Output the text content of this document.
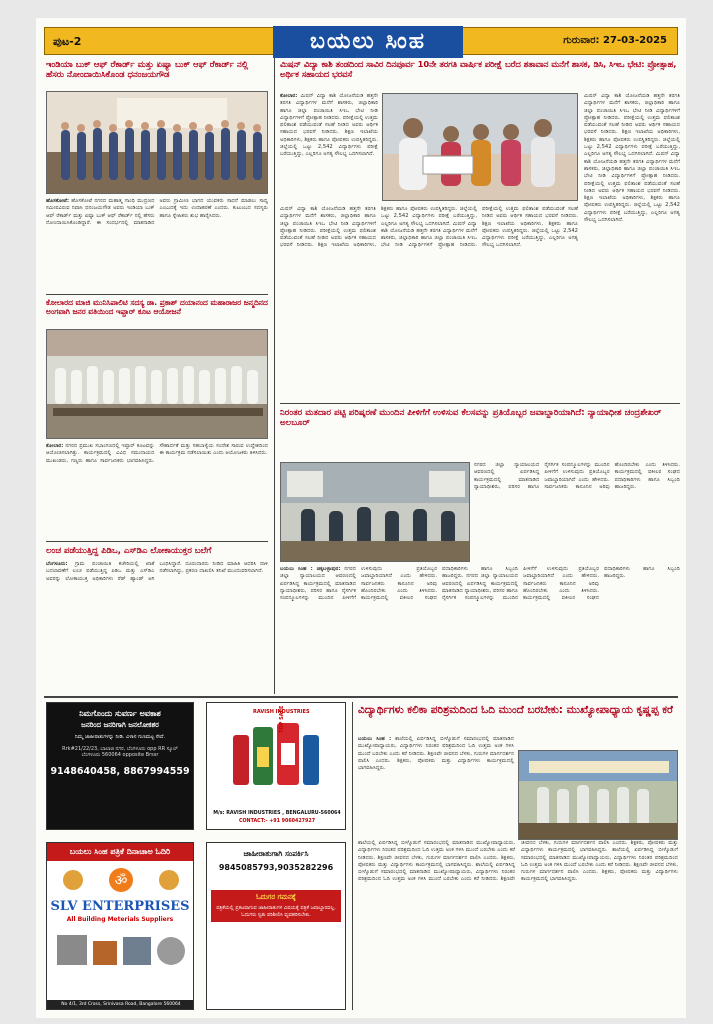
ಪುಟ-2	ಬಯಲು ಸಿಂಹ	ಗುರುವಾರ: 27-03-2025
ಇಂಡಿಯಾ ಬುಕ್ ಆಫ್ ರೆಕಾರ್ಡ್ ಮತ್ತು ಏಷ್ಯಾ ಬುಕ್ ಆಫ್ ರೆಕಾರ್ಡ್ ನಲ್ಲಿ ಹೆಸರು ನೋಂದಾಯಿಸಿಕೊಂಡ ಧನಂಜಯಗೌಡ
ಹೊಸಕೋಟೆ: ಹೊಸಕೋಟೆ ನಗರದ ಮಹಾತ್ಮ ಗಾಂಧಿ ಮುದ್ರಣದ ಸಮೀಪವಿರುವ ನಿವಾಸಿ ಧನಂಜಯಗೌಡ ಅವರು ಇಂಡಿಯಾ ಬುಕ್ ಆಫ್ ರೆಕಾರ್ಡ್ ಮತ್ತು ಏಷ್ಯಾ ಬುಕ್ ಆಫ್ ರೆಕಾರ್ಡ್ ನಲ್ಲಿ ಹೆಸರು ನೋಂದಾಯಿಸಿಕೊಂಡಿದ್ದಾರೆ. ಈ ಸಂದರ್ಭದಲ್ಲಿ ಮಾತನಾಡಿದ ಅವರು ಗ್ರಾಮೀಣ ಭಾಗದ ಯುವಕರು ಸಾಧನೆ ಮಾಡಲು ಸಾಧ್ಯ ಎಂಬುದಕ್ಕೆ ಇದು ಉದಾಹರಣೆ ಎಂದರು. ಕುಟುಂಬದ ಸದಸ್ಯರು ಹಾಗೂ ಸ್ನೇಹಿತರು ಶುಭ ಹಾರೈಸಿದರು.
ಕೋಲಾರದ ಮಾಜಿ ಮುನಿಸಿಪಾಲಿಟಿ ಸದಸ್ಯ ಡಾ. ಪ್ರಕಾಶ್ ದಯಾನಂದ ಮಹಾರಾಜರ ಜನ್ಮದಿನದ ಅಂಗವಾಗಿ ಜನರ ವತಿಯಿಂದ ಇಫ್ತಾರ್ ಕೂಟ ಆಯೋಜನೆ
ಕೋಲಾರ: ನಗರದ ಪ್ರಮುಖ ಸಭಾಂಗಣದಲ್ಲಿ ಇಫ್ತಾರ್ ಕೂಟವನ್ನು ಆಯೋಜಿಸಲಾಗಿತ್ತು. ಕಾರ್ಯಕ್ರಮದಲ್ಲಿ ವಿವಿಧ ಸಮುದಾಯದ ಮುಖಂಡರು, ಗಣ್ಯರು ಹಾಗೂ ಸಾರ್ವಜನಿಕರು ಭಾಗವಹಿಸಿದ್ದರು. ಸೌಹಾರ್ದತೆ ಮತ್ತು ಸಹಬಾಳ್ವೆಯ ಸಂದೇಶ ಸಾರುವ ಉದ್ದೇಶದಿಂದ ಈ ಕಾರ್ಯಕ್ರಮ ನಡೆಸಲಾಯಿತು ಎಂದು ಆಯೋಜಕರು ತಿಳಿಸಿದರು.
ಲಂಚ ಪಡೆಯುತ್ತಿದ್ದ ಪಿಡಿಒ, ಎಸ್‌ಡಿಎ ಲೋಕಾಯುಕ್ತರ ಬಲೆಗೆ
ಬೆಂಗಳೂರು: ಗ್ರಾಮ ಪಂಚಾಯಿತಿ ಕಚೇರಿಯಲ್ಲಿ ಖಾತೆ ಬದಲಾವಣೆಗೆ ಲಂಚ ಪಡೆಯುತ್ತಿದ್ದ ಪಿಡಿಒ ಮತ್ತು ಎಸ್‌ಡಿಎ ಅವರನ್ನು ಲೋಕಾಯುಕ್ತ ಅಧಿಕಾರಿಗಳು ರೆಡ್ ಹ್ಯಾಂಡ್ ಆಗಿ ಬಂಧಿಸಿದ್ದಾರೆ. ದೂರುದಾರರು ನೀಡಿದ ಮಾಹಿತಿ ಆಧರಿಸಿ ದಾಳಿ ನಡೆಸಲಾಗಿದ್ದು, ಪ್ರಕರಣ ದಾಖಲಿಸಿ ತನಿಖೆ ಮುಂದುವರಿಸಲಾಗಿದೆ.
ಮಿಷನ್ ವಿದ್ಯಾ ಕಾಶಿ ತಂಡದಿಂದ ಸಾವಿರ ದಿನಪೂರ್ವ 10ನೇ ತರಗತಿ ವಾರ್ಷಿಕ ಪರೀಕ್ಷೆ ಬರೆದ ಶತಾವಾನ ಮನೆಗೆ ಶಾಸಕ, ಡಿಸಿ, ಸಿಇಒ ಭೇಟಿ: ಪ್ರೋತ್ಸಾಹ, ಅರ್ಥಿಕ ಸಹಾಯದ ಭರವಸೆ
ಕೋಲಾರ: ಮಿಷನ್ ವಿದ್ಯಾ ಕಾಶಿ ಯೋಜನೆಯಡಿ ಹತ್ತನೇ ತರಗತಿ ವಿದ್ಯಾರ್ಥಿಗಳ ಮನೆಗೆ ಶಾಸಕರು, ಜಿಲ್ಲಾಧಿಕಾರಿ ಹಾಗೂ ಜಿಲ್ಲಾ ಪಂಚಾಯಿತಿ ಸಿಇಒ ಭೇಟಿ ನೀಡಿ ವಿದ್ಯಾರ್ಥಿಗಳಿಗೆ ಪ್ರೋತ್ಸಾಹ ನೀಡಿದರು. ಪರೀಕ್ಷೆಯಲ್ಲಿ ಉತ್ತಮ ಫಲಿತಾಂಶ ಪಡೆಯುವಂತೆ ಸಲಹೆ ನೀಡಿದ ಅವರು ಆರ್ಥಿಕ ಸಹಾಯದ ಭರವಸೆ ನೀಡಿದರು. ಶಿಕ್ಷಣ ಇಲಾಖೆಯ ಅಧಿಕಾರಿಗಳು, ಶಿಕ್ಷಕರು ಹಾಗೂ ಪೋಷಕರು ಉಪಸ್ಥಿತರಿದ್ದರು. ಜಿಲ್ಲೆಯಲ್ಲಿ ಒಟ್ಟು 2,542 ವಿದ್ಯಾರ್ಥಿಗಳು ಪರೀಕ್ಷೆ ಬರೆಯುತ್ತಿದ್ದು, ಎಲ್ಲರಿಗೂ ಅಗತ್ಯ ಸೌಲಭ್ಯ ಒದಗಿಸಲಾಗಿದೆ.
ಮಿಷನ್ ವಿದ್ಯಾ ಕಾಶಿ ಯೋಜನೆಯಡಿ ಹತ್ತನೇ ತರಗತಿ ವಿದ್ಯಾರ್ಥಿಗಳ ಮನೆಗೆ ಶಾಸಕರು, ಜಿಲ್ಲಾಧಿಕಾರಿ ಹಾಗೂ ಜಿಲ್ಲಾ ಪಂಚಾಯಿತಿ ಸಿಇಒ ಭೇಟಿ ನೀಡಿ ವಿದ್ಯಾರ್ಥಿಗಳಿಗೆ ಪ್ರೋತ್ಸಾಹ ನೀಡಿದರು. ಪರೀಕ್ಷೆಯಲ್ಲಿ ಉತ್ತಮ ಫಲಿತಾಂಶ ಪಡೆಯುವಂತೆ ಸಲಹೆ ನೀಡಿದ ಅವರು ಆರ್ಥಿಕ ಸಹಾಯದ ಭರವಸೆ ನೀಡಿದರು. ಶಿಕ್ಷಣ ಇಲಾಖೆಯ ಅಧಿಕಾರಿಗಳು, ಶಿಕ್ಷಕರು ಹಾಗೂ ಪೋಷಕರು ಉಪಸ್ಥಿತರಿದ್ದರು. ಜಿಲ್ಲೆಯಲ್ಲಿ ಒಟ್ಟು 2,542 ವಿದ್ಯಾರ್ಥಿಗಳು ಪರೀಕ್ಷೆ ಬರೆಯುತ್ತಿದ್ದು, ಎಲ್ಲರಿಗೂ ಅಗತ್ಯ ಸೌಲಭ್ಯ ಒದಗಿಸಲಾಗಿದೆ. ಮಿಷನ್ ವಿದ್ಯಾ ಕಾಶಿ ಯೋಜನೆಯಡಿ ಹತ್ತನೇ ತರಗತಿ ವಿದ್ಯಾರ್ಥಿಗಳ ಮನೆಗೆ ಶಾಸಕರು, ಜಿಲ್ಲಾಧಿಕಾರಿ ಹಾಗೂ ಜಿಲ್ಲಾ ಪಂಚಾಯಿತಿ ಸಿಇಒ ಭೇಟಿ ನೀಡಿ ವಿದ್ಯಾರ್ಥಿಗಳಿಗೆ ಪ್ರೋತ್ಸಾಹ ನೀಡಿದರು. ಪರೀಕ್ಷೆಯಲ್ಲಿ ಉತ್ತಮ ಫಲಿತಾಂಶ ಪಡೆಯುವಂತೆ ಸಲಹೆ ನೀಡಿದ ಅವರು ಆರ್ಥಿಕ ಸಹಾಯದ ಭರವಸೆ ನೀಡಿದರು. ಶಿಕ್ಷಣ ಇಲಾಖೆಯ ಅಧಿಕಾರಿಗಳು, ಶಿಕ್ಷಕರು ಹಾಗೂ ಪೋಷಕರು ಉಪಸ್ಥಿತರಿದ್ದರು. ಜಿಲ್ಲೆಯಲ್ಲಿ ಒಟ್ಟು 2,542 ವಿದ್ಯಾರ್ಥಿಗಳು ಪರೀಕ್ಷೆ ಬರೆಯುತ್ತಿದ್ದು, ಎಲ್ಲರಿಗೂ ಅಗತ್ಯ ಸೌಲಭ್ಯ ಒದಗಿಸಲಾಗಿದೆ.
ಮಿಷನ್ ವಿದ್ಯಾ ಕಾಶಿ ಯೋಜನೆಯಡಿ ಹತ್ತನೇ ತರಗತಿ ವಿದ್ಯಾರ್ಥಿಗಳ ಮನೆಗೆ ಶಾಸಕರು, ಜಿಲ್ಲಾಧಿಕಾರಿ ಹಾಗೂ ಜಿಲ್ಲಾ ಪಂಚಾಯಿತಿ ಸಿಇಒ ಭೇಟಿ ನೀಡಿ ವಿದ್ಯಾರ್ಥಿಗಳಿಗೆ ಪ್ರೋತ್ಸಾಹ ನೀಡಿದರು. ಪರೀಕ್ಷೆಯಲ್ಲಿ ಉತ್ತಮ ಫಲಿತಾಂಶ ಪಡೆಯುವಂತೆ ಸಲಹೆ ನೀಡಿದ ಅವರು ಆರ್ಥಿಕ ಸಹಾಯದ ಭರವಸೆ ನೀಡಿದರು. ಶಿಕ್ಷಣ ಇಲಾಖೆಯ ಅಧಿಕಾರಿಗಳು, ಶಿಕ್ಷಕರು ಹಾಗೂ ಪೋಷಕರು ಉಪಸ್ಥಿತರಿದ್ದರು. ಜಿಲ್ಲೆಯಲ್ಲಿ ಒಟ್ಟು 2,542 ವಿದ್ಯಾರ್ಥಿಗಳು ಪರೀಕ್ಷೆ ಬರೆಯುತ್ತಿದ್ದು, ಎಲ್ಲರಿಗೂ ಅಗತ್ಯ ಸೌಲಭ್ಯ ಒದಗಿಸಲಾಗಿದೆ. ಮಿಷನ್ ವಿದ್ಯಾ ಕಾಶಿ ಯೋಜನೆಯಡಿ ಹತ್ತನೇ ತರಗತಿ ವಿದ್ಯಾರ್ಥಿಗಳ ಮನೆಗೆ ಶಾಸಕರು, ಜಿಲ್ಲಾಧಿಕಾರಿ ಹಾಗೂ ಜಿಲ್ಲಾ ಪಂಚಾಯಿತಿ ಸಿಇಒ ಭೇಟಿ ನೀಡಿ ವಿದ್ಯಾರ್ಥಿಗಳಿಗೆ ಪ್ರೋತ್ಸಾಹ ನೀಡಿದರು. ಪರೀಕ್ಷೆಯಲ್ಲಿ ಉತ್ತಮ ಫಲಿತಾಂಶ ಪಡೆಯುವಂತೆ ಸಲಹೆ ನೀಡಿದ ಅವರು ಆರ್ಥಿಕ ಸಹಾಯದ ಭರವಸೆ ನೀಡಿದರು. ಶಿಕ್ಷಣ ಇಲಾಖೆಯ ಅಧಿಕಾರಿಗಳು, ಶಿಕ್ಷಕರು ಹಾಗೂ ಪೋಷಕರು ಉಪಸ್ಥಿತರಿದ್ದರು. ಜಿಲ್ಲೆಯಲ್ಲಿ ಒಟ್ಟು 2,542 ವಿದ್ಯಾರ್ಥಿಗಳು ಪರೀಕ್ಷೆ ಬರೆಯುತ್ತಿದ್ದು, ಎಲ್ಲರಿಗೂ ಅಗತ್ಯ ಸೌಲಭ್ಯ ಒದಗಿಸಲಾಗಿದೆ.
ನಿರಂತರ ಮತದಾರ ಪಟ್ಟಿ ಪರಿಷ್ಕರಣೆ ಮುಂದಿನ ಪೀಳಿಗೆಗೆ ಉಳಿಸುವ ಕೆಲಸವನ್ನು ಪ್ರತಿಯೊಬ್ಬರ ಜವಾಬ್ದಾರಿಯಾಗಿದೆ: ನ್ಯಾಯಾಧೀಶ ಚಂದ್ರಶೇಖರ್ ಅಲಬೂರ್
ನಗರದ ಜಿಲ್ಲಾ ನ್ಯಾಯಾಲಯದ ಆವರಣದಲ್ಲಿ ಏರ್ಪಡಿಸಿದ್ದ ಕಾರ್ಯಕ್ರಮದಲ್ಲಿ ಮಾತನಾಡಿದ ನ್ಯಾಯಾಧೀಶರು, ಪರಿಸರ ಹಾಗೂ ನೈಸರ್ಗಿಕ ಸಂಪನ್ಮೂಲಗಳನ್ನು ಮುಂದಿನ ಪೀಳಿಗೆಗೆ ಉಳಿಸುವುದು ಪ್ರತಿಯೊಬ್ಬರ ಜವಾಬ್ದಾರಿಯಾಗಿದೆ ಎಂದು ಹೇಳಿದರು. ಸಾರ್ವಜನಿಕರು ಕಾನೂನಿನ ಅರಿವು ಹೊಂದಿರಬೇಕು ಎಂದು ತಿಳಿಸಿದರು. ಕಾರ್ಯಕ್ರಮದಲ್ಲಿ ವಕೀಲರ ಸಂಘದ ಪದಾಧಿಕಾರಿಗಳು ಹಾಗೂ ಸಿಬ್ಬಂದಿ ಹಾಜರಿದ್ದರು.
ಬಯಲು ಸಿಂಹ : ಚಿಕ್ಕಬಳ್ಳಾಪುರ: ನಗರದ ಜಿಲ್ಲಾ ನ್ಯಾಯಾಲಯದ ಆವರಣದಲ್ಲಿ ಏರ್ಪಡಿಸಿದ್ದ ಕಾರ್ಯಕ್ರಮದಲ್ಲಿ ಮಾತನಾಡಿದ ನ್ಯಾಯಾಧೀಶರು, ಪರಿಸರ ಹಾಗೂ ನೈಸರ್ಗಿಕ ಸಂಪನ್ಮೂಲಗಳನ್ನು ಮುಂದಿನ ಪೀಳಿಗೆಗೆ ಉಳಿಸುವುದು ಪ್ರತಿಯೊಬ್ಬರ ಜವಾಬ್ದಾರಿಯಾಗಿದೆ ಎಂದು ಹೇಳಿದರು. ಸಾರ್ವಜನಿಕರು ಕಾನೂನಿನ ಅರಿವು ಹೊಂದಿರಬೇಕು ಎಂದು ತಿಳಿಸಿದರು. ಕಾರ್ಯಕ್ರಮದಲ್ಲಿ ವಕೀಲರ ಸಂಘದ ಪದಾಧಿಕಾರಿಗಳು ಹಾಗೂ ಸಿಬ್ಬಂದಿ ಹಾಜರಿದ್ದರು. ನಗರದ ಜಿಲ್ಲಾ ನ್ಯಾಯಾಲಯದ ಆವರಣದಲ್ಲಿ ಏರ್ಪಡಿಸಿದ್ದ ಕಾರ್ಯಕ್ರಮದಲ್ಲಿ ಮಾತನಾಡಿದ ನ್ಯಾಯಾಧೀಶರು, ಪರಿಸರ ಹಾಗೂ ನೈಸರ್ಗಿಕ ಸಂಪನ್ಮೂಲಗಳನ್ನು ಮುಂದಿನ ಪೀಳಿಗೆಗೆ ಉಳಿಸುವುದು ಪ್ರತಿಯೊಬ್ಬರ ಜವಾಬ್ದಾರಿಯಾಗಿದೆ ಎಂದು ಹೇಳಿದರು. ಸಾರ್ವಜನಿಕರು ಕಾನೂನಿನ ಅರಿವು ಹೊಂದಿರಬೇಕು ಎಂದು ತಿಳಿಸಿದರು. ಕಾರ್ಯಕ್ರಮದಲ್ಲಿ ವಕೀಲರ ಸಂಘದ ಪದಾಧಿಕಾರಿಗಳು ಹಾಗೂ ಸಿಬ್ಬಂದಿ ಹಾಜರಿದ್ದರು.
ನಿಮಗೊಂದು ಸುವರ್ಣ ಅವಕಾಶ
ಜನರಿಂದ ಜನರಿಗಾಗಿ ಜನಲೋಕಶರ
ನಿಮ್ಮ ಜಾಹೀರಾತುಗಳನ್ನು ನೀಡಿ. ವಿಳಾಸ ಗುಣಮಟ್ಟ ಸೇವೆ.
Rrk#21/22/23, ಬಾಲಾಜಿ ನಗರ, ಬೆಂಗಳೂರು opp RR ಸ್ಕೂಲ್ ಬೆಂಗಳೂರು 560064 opposite Brssr
9148640458, 8867994559
RAVISH INDUSTRIES
TOP SAFE
M/s: RAVISH INDUSTRIES , BENGALURU-560064
CONTACT:- +91 9060427927
ಬಯಲು ಸಿಂಹ ಪತ್ರಿಕೆ ದಿನಾಚಾಅ ಓದಿರಿ
ॐ
SLV ENTERPRISES
All Building Meterials Suppliers
No 4/1, 3rd Cross, Srinivasa Road, Bangalore 560064
ಜಾಹೀರಾತುಗಾಗಿ ಸಂಪರ್ಕಿಸಿ
9845085793,9035282296
ಓದುಗರ ಗಮನಕ್ಕೆ
ಪತ್ರಿಕೆಯಲ್ಲಿ ಪ್ರಕಟವಾಗುವ ಜಾಹೀರಾತುಗಳ ವಿಷಯಕ್ಕೆ ಪತ್ರಿಕೆ ಜವಾಬ್ದಾರವಲ್ಲ. ಓದುಗರು ಸ್ವತಃ ಪರಿಶೀಲಿಸಿ ವ್ಯವಹರಿಸಬೇಕು.
ವಿದ್ಯಾರ್ಥಿಗಳು ಕಲಿಕಾ ಪರಿಶ್ರಮದಿಂದ ಓದಿ ಮುಂದೆ ಬರಬೇಕು: ಮುಖ್ಯೋಪಾಧ್ಯಾಯ ಕೃಷ್ಣಪ್ಪ ಕರೆ
ಬಯಲು ಸಿಂಹ : ಶಾಲೆಯಲ್ಲಿ ಏರ್ಪಡಿಸಿದ್ದ ಬೀಳ್ಕೊಡುಗೆ ಸಮಾರಂಭದಲ್ಲಿ ಮಾತನಾಡಿದ ಮುಖ್ಯೋಪಾಧ್ಯಾಯರು, ವಿದ್ಯಾರ್ಥಿಗಳು ನಿರಂತರ ಪರಿಶ್ರಮದಿಂದ ಓದಿ ಉತ್ತಮ ಅಂಕ ಗಳಿಸಿ ಮುಂದೆ ಬರಬೇಕು ಎಂದು ಕರೆ ನೀಡಿದರು. ಶಿಕ್ಷಣವೇ ಜೀವನದ ಬೆಳಕು, ಗುರುಗಳ ಮಾರ್ಗದರ್ಶನ ಪಾಲಿಸಿ ಎಂದರು. ಶಿಕ್ಷಕರು, ಪೋಷಕರು ಮತ್ತು ವಿದ್ಯಾರ್ಥಿಗಳು ಕಾರ್ಯಕ್ರಮದಲ್ಲಿ ಭಾಗವಹಿಸಿದ್ದರು.
ಶಾಲೆಯಲ್ಲಿ ಏರ್ಪಡಿಸಿದ್ದ ಬೀಳ್ಕೊಡುಗೆ ಸಮಾರಂಭದಲ್ಲಿ ಮಾತನಾಡಿದ ಮುಖ್ಯೋಪಾಧ್ಯಾಯರು, ವಿದ್ಯಾರ್ಥಿಗಳು ನಿರಂತರ ಪರಿಶ್ರಮದಿಂದ ಓದಿ ಉತ್ತಮ ಅಂಕ ಗಳಿಸಿ ಮುಂದೆ ಬರಬೇಕು ಎಂದು ಕರೆ ನೀಡಿದರು. ಶಿಕ್ಷಣವೇ ಜೀವನದ ಬೆಳಕು, ಗುರುಗಳ ಮಾರ್ಗದರ್ಶನ ಪಾಲಿಸಿ ಎಂದರು. ಶಿಕ್ಷಕರು, ಪೋಷಕರು ಮತ್ತು ವಿದ್ಯಾರ್ಥಿಗಳು ಕಾರ್ಯಕ್ರಮದಲ್ಲಿ ಭಾಗವಹಿಸಿದ್ದರು. ಶಾಲೆಯಲ್ಲಿ ಏರ್ಪಡಿಸಿದ್ದ ಬೀಳ್ಕೊಡುಗೆ ಸಮಾರಂಭದಲ್ಲಿ ಮಾತನಾಡಿದ ಮುಖ್ಯೋಪಾಧ್ಯಾಯರು, ವಿದ್ಯಾರ್ಥಿಗಳು ನಿರಂತರ ಪರಿಶ್ರಮದಿಂದ ಓದಿ ಉತ್ತಮ ಅಂಕ ಗಳಿಸಿ ಮುಂದೆ ಬರಬೇಕು ಎಂದು ಕರೆ ನೀಡಿದರು. ಶಿಕ್ಷಣವೇ ಜೀವನದ ಬೆಳಕು, ಗುರುಗಳ ಮಾರ್ಗದರ್ಶನ ಪಾಲಿಸಿ ಎಂದರು. ಶಿಕ್ಷಕರು, ಪೋಷಕರು ಮತ್ತು ವಿದ್ಯಾರ್ಥಿಗಳು ಕಾರ್ಯಕ್ರಮದಲ್ಲಿ ಭಾಗವಹಿಸಿದ್ದರು. ಶಾಲೆಯಲ್ಲಿ ಏರ್ಪಡಿಸಿದ್ದ ಬೀಳ್ಕೊಡುಗೆ ಸಮಾರಂಭದಲ್ಲಿ ಮಾತನಾಡಿದ ಮುಖ್ಯೋಪಾಧ್ಯಾಯರು, ವಿದ್ಯಾರ್ಥಿಗಳು ನಿರಂತರ ಪರಿಶ್ರಮದಿಂದ ಓದಿ ಉತ್ತಮ ಅಂಕ ಗಳಿಸಿ ಮುಂದೆ ಬರಬೇಕು ಎಂದು ಕರೆ ನೀಡಿದರು. ಶಿಕ್ಷಣವೇ ಜೀವನದ ಬೆಳಕು, ಗುರುಗಳ ಮಾರ್ಗದರ್ಶನ ಪಾಲಿಸಿ ಎಂದರು. ಶಿಕ್ಷಕರು, ಪೋಷಕರು ಮತ್ತು ವಿದ್ಯಾರ್ಥಿಗಳು ಕಾರ್ಯಕ್ರಮದಲ್ಲಿ ಭಾಗವಹಿಸಿದ್ದರು.
